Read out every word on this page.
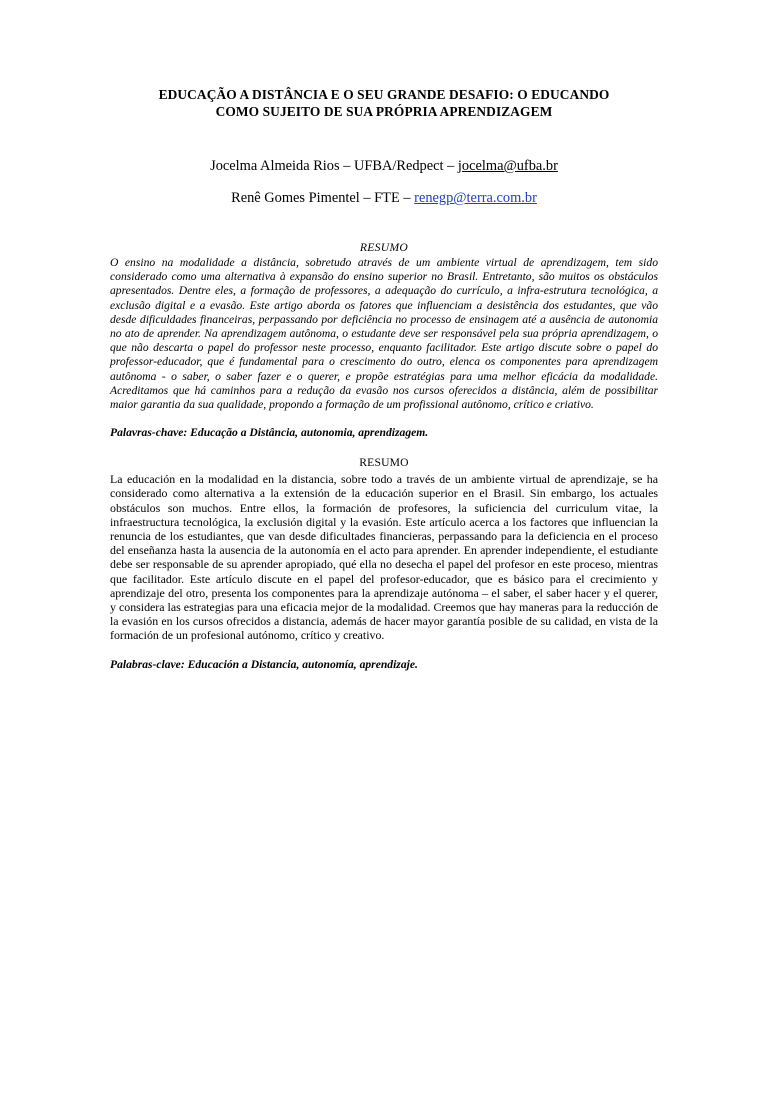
EDUCAÇÃO A DISTÂNCIA E O SEU GRANDE DESAFIO: O EDUCANDO
COMO SUJEITO DE SUA PRÓPRIA APRENDIZAGEM
Jocelma Almeida Rios – UFBA/Redpect – jocelma@ufba.br
Renê Gomes Pimentel – FTE – renegp@terra.com.br
RESUMO

O ensino na modalidade a distância, sobretudo através de um ambiente virtual de aprendizagem, tem sido considerado como uma alternativa à expansão do ensino superior no Brasil. Entretanto, são muitos os obstáculos apresentados. Dentre eles, a formação de professores, a adequação do currículo, a infra-estrutura tecnológica, a exclusão digital e a evasão. Este artigo aborda os fatores que influenciam a desistência dos estudantes, que vão desde dificuldades financeiras, perpassando por deficiência no processo de ensinagem até a ausência de autonomia no ato de aprender. Na aprendizagem autônoma, o estudante deve ser responsável pela sua própria aprendizagem, o que não descarta o papel do professor neste processo, enquanto facilitador. Este artigo discute sobre o papel do professor-educador, que é fundamental para o crescimento do outro, elenca os componentes para aprendizagem autônoma - o saber, o saber fazer e o querer, e propõe estratégias para uma melhor eficácia da modalidade. Acreditamos que há caminhos para a redução da evasão nos cursos oferecidos a distância, além de possibilitar maior garantia da sua qualidade, propondo a formação de um profissional autônomo, crítico e criativo.

Palavras-chave: Educação a Distância, autonomia, aprendizagem.

RESUMO

La educación en la modalidad en la distancia, sobre todo a través de un ambiente virtual de aprendizaje, se ha considerado como alternativa a la extensión de la educación superior en el Brasil. Sin embargo, los actuales obstáculos son muchos. Entre ellos, la formación de profesores, la suficiencia del curriculum vitae, la infraestructura tecnológica, la exclusión digital y la evasión. Este artículo acerca a los factores que influencian la renuncia de los estudiantes, que van desde dificultades financieras, perpassando para la deficiencia en el proceso del enseñanza hasta la ausencia de la autonomía en el acto para aprender. En aprender independiente, el estudiante debe ser responsable de su aprender apropiado, qué ella no desecha el papel del profesor en este proceso, mientras que facilitador. Este artículo discute en el papel del profesor-educador, que es básico para el crecimiento y aprendizaje del otro, presenta los componentes para la aprendizaje autónoma – el saber, el saber hacer y el querer, y considera las estrategias para una eficacia mejor de la modalidad. Creemos que hay maneras para la reducción de la evasión en los cursos ofrecidos a distancia, además de hacer mayor garantía posible de su calidad, en vista de la formación de un profesional autónomo, crítico y creativo.

Palabras-clave: Educación a Distancia, autonomía, aprendizaje.
